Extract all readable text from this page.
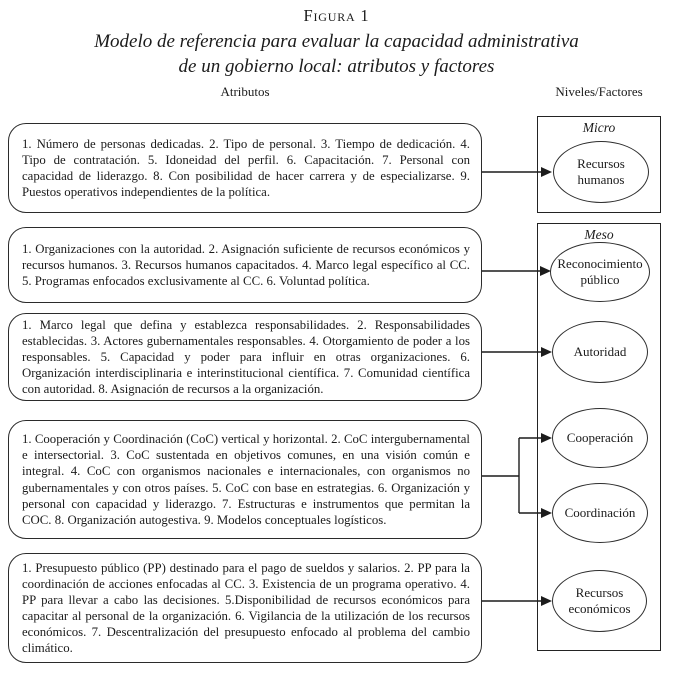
Figura 1
Modelo de referencia para evaluar la capacidad administrativa
de un gobierno local: atributos y factores
Atributos	Niveles/Factores
1. Número de personas dedicadas. 2. Tipo de personal. 3. Tiempo de dedicación. 4. Tipo de contratación. 5. Idoneidad del perfil. 6. Capacitación. 7. Personal con capacidad de liderazgo. 8. Con posibilidad de hacer carrera y de especializarse. 9. Puestos operativos independientes de la política.
1. Organizaciones con la autoridad. 2. Asignación suficiente de recursos económicos y recursos humanos. 3. Recursos humanos capacitados. 4. Marco legal específico al CC. 5. Programas enfocados exclusivamente al CC. 6. Voluntad política.
1. Marco legal que defina y establezca responsabilidades. 2. Responsabilidades establecidas. 3. Actores gubernamentales responsables. 4. Otorgamiento de poder a los responsables. 5. Capacidad y poder para influir en otras organizaciones. 6. Organización interdisciplinaria e interinstitucional científica. 7. Comunidad científica con autoridad. 8. Asignación de recursos a la organización.
1. Cooperación y Coordinación (CoC) vertical y horizontal. 2. CoC intergubernamental e intersectorial. 3. CoC sustentada en objetivos comunes, en una visión común e integral. 4. CoC con organismos nacionales e internacionales, con organismos no gubernamentales y con otros países. 5. CoC con base en estrategias. 6. Organización y personal con capacidad y liderazgo. 7. Estructuras e instrumentos que permitan la COC. 8. Organización autogestiva. 9. Modelos conceptuales logísticos.
1. Presupuesto público (PP) destinado para el pago de sueldos y salarios. 2. PP para la coordinación de acciones enfocadas al CC. 3. Existencia de un programa operativo. 4. PP para llevar a cabo las decisiones. 5.Disponibilidad de recursos económicos para capacitar al personal de la organización. 6. Vigilancia de la utilización de los recursos económicos. 7. Descentralización del presupuesto enfocado al problema del cambio climático.
Micro
Meso
Recursos humanos
Reconocimiento público
Autoridad
Cooperación
Coordinación
Recursos económicos
